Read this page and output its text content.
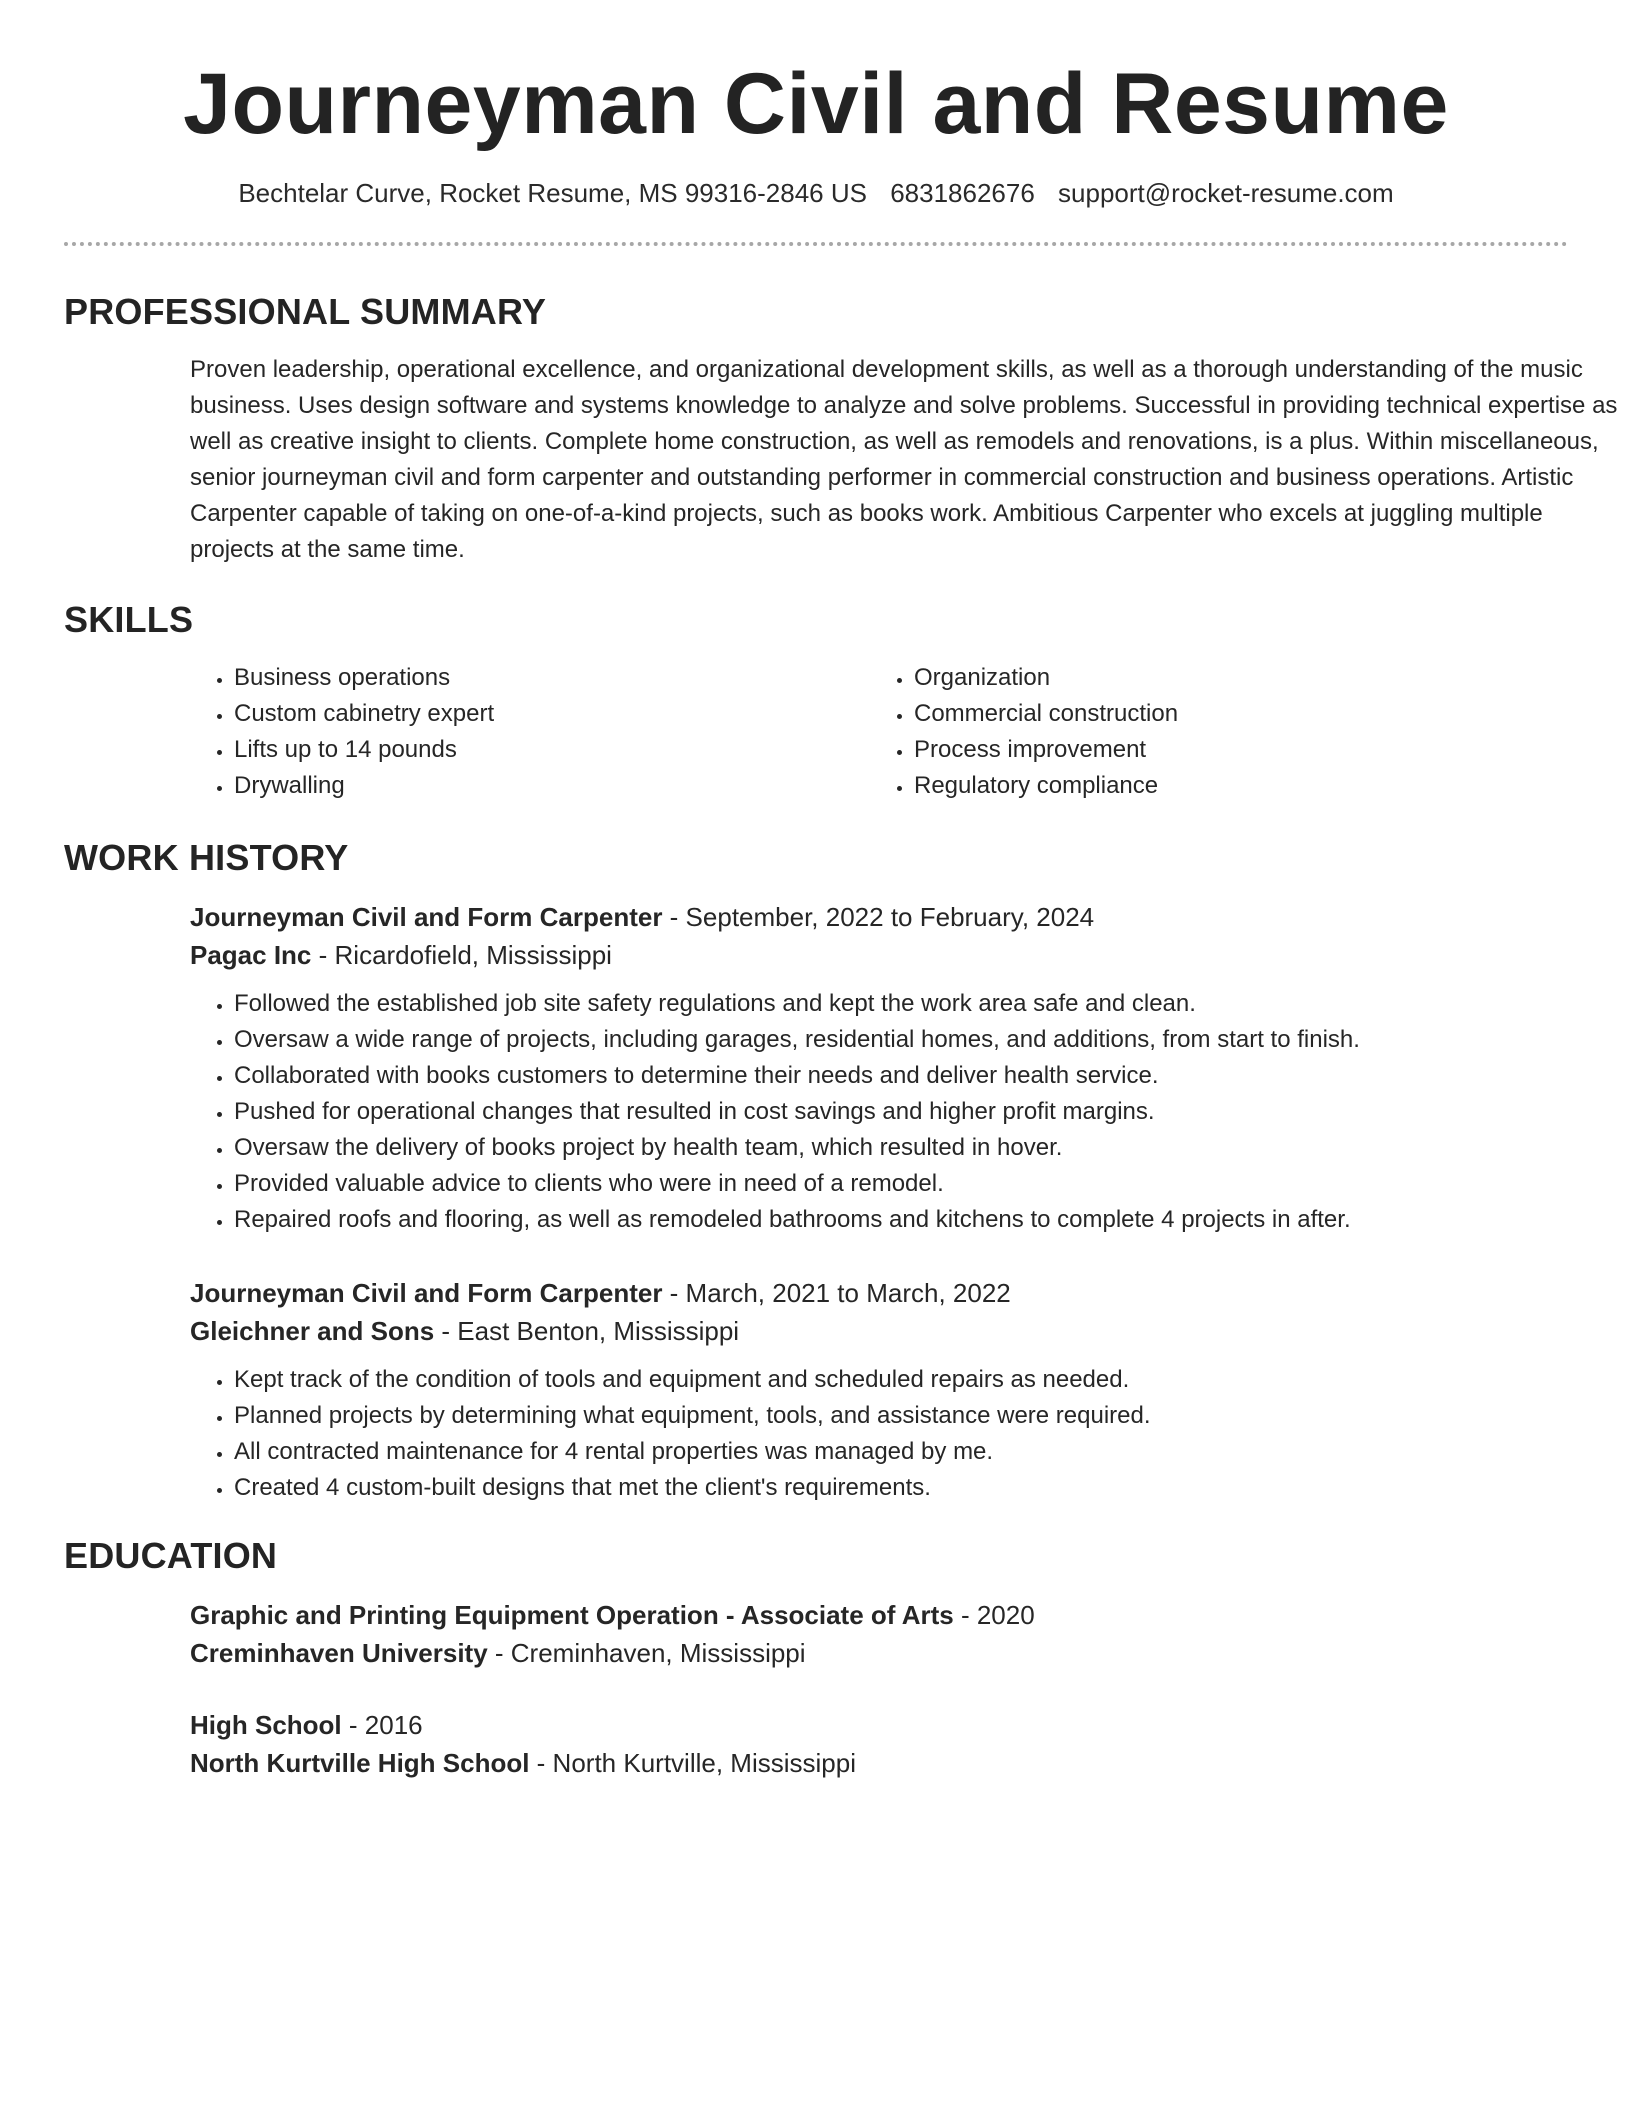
Journeyman Civil and Resume
Bechtelar Curve, Rocket Resume, MS 99316-2846 US 6831862676 support@rocket-resume.com
PROFESSIONAL SUMMARY

Proven leadership, operational excellence, and organizational development skills, as well as a thorough understanding of the music business. Uses design software and systems knowledge to analyze and solve problems. Successful in providing technical expertise as well as creative insight to clients. Complete home construction, as well as remodels and renovations, is a plus. Within miscellaneous, senior journeyman civil and form carpenter and outstanding performer in commercial construction and business operations. Artistic Carpenter capable of taking on one-of-a-kind projects, such as books work. Ambitious Carpenter who excels at juggling multiple projects at the same time.

SKILLS
• Business operations
• Custom cabinetry expert
• Lifts up to 14 pounds
• Drywalling
• Organization
• Commercial construction
• Process improvement
• Regulatory compliance
WORK HISTORY
Journeyman Civil and Form Carpenter - September, 2022 to February, 2024
Pagac Inc - Ricardofield, Mississippi
• Followed the established job site safety regulations and kept the work area safe and clean.
• Oversaw a wide range of projects, including garages, residential homes, and additions, from start to finish.
• Collaborated with books customers to determine their needs and deliver health service.
• Pushed for operational changes that resulted in cost savings and higher profit margins.
• Oversaw the delivery of books project by health team, which resulted in hover.
• Provided valuable advice to clients who were in need of a remodel.
• Repaired roofs and flooring, as well as remodeled bathrooms and kitchens to complete 4 projects in after.
Journeyman Civil and Form Carpenter - March, 2021 to March, 2022
Gleichner and Sons - East Benton, Mississippi
• Kept track of the condition of tools and equipment and scheduled repairs as needed.
• Planned projects by determining what equipment, tools, and assistance were required.
• All contracted maintenance for 4 rental properties was managed by me.
• Created 4 custom-built designs that met the client's requirements.
EDUCATION
Graphic and Printing Equipment Operation - Associate of Arts - 2020
Creminhaven University - Creminhaven, Mississippi
High School - 2016
North Kurtville High School - North Kurtville, Mississippi
